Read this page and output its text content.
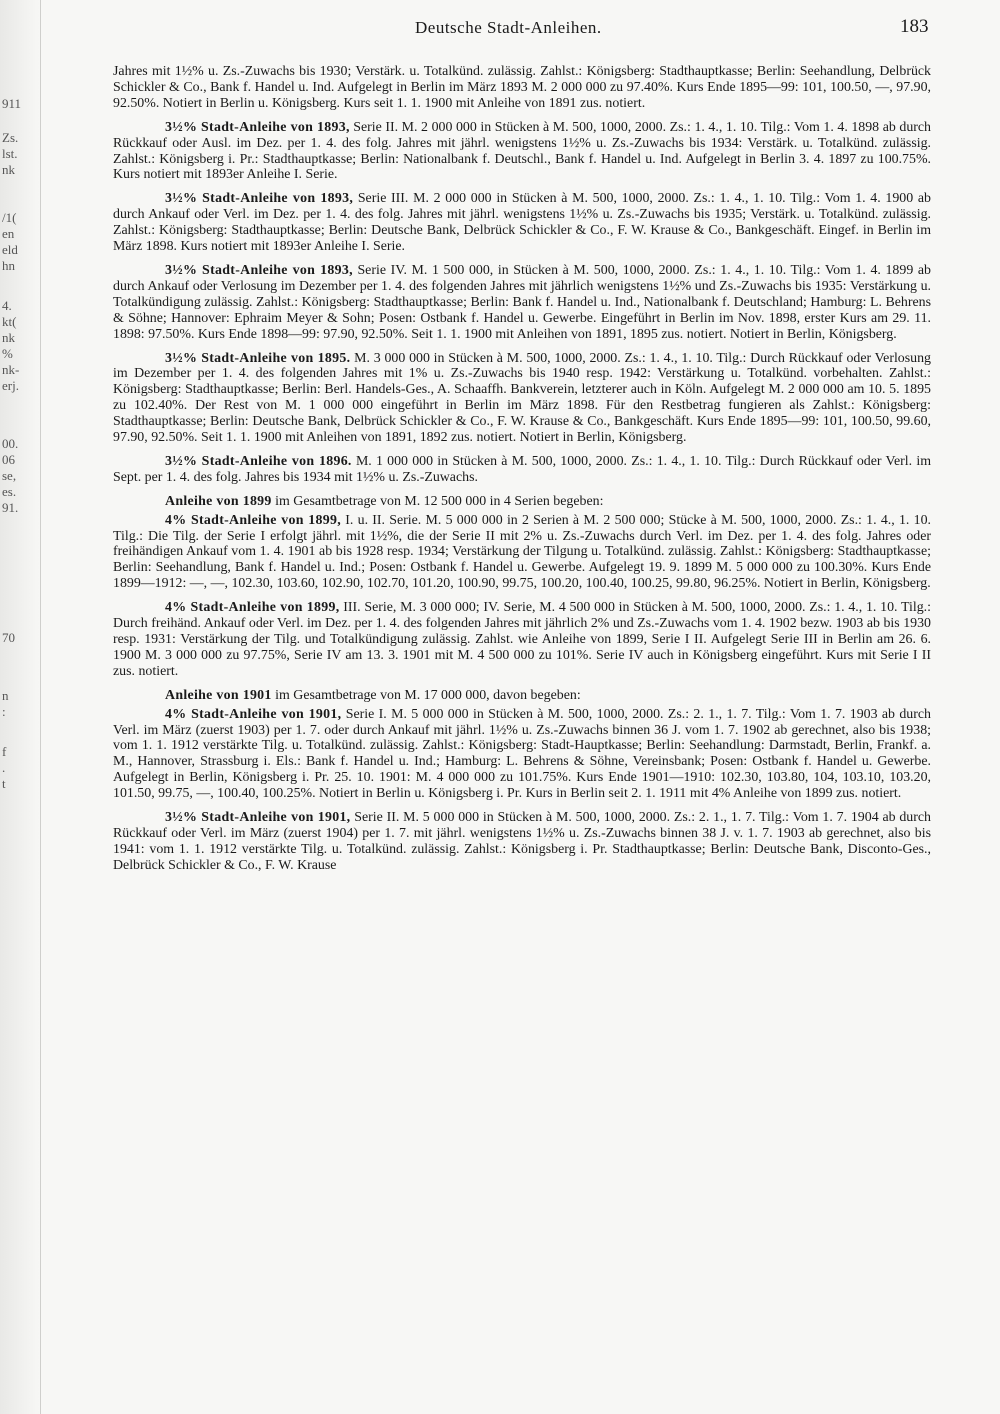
911
Zs.
lst.
nk
/1(
en
eld
hn
4.
kt(
nk
%
nk-
erj.
00.
06
se,
es.
91.
70
n
:
f
.
t
Deutsche Stadt-Anleihen.	183

Jahres mit 1½% u. Zs.-Zuwachs bis 1930; Verstärk. u. Totalkünd. zulässig. Zahlst.: Königsberg: Stadthauptkasse; Berlin: Seehandlung, Delbrück Schickler & Co., Bank f. Handel u. Ind. Aufgelegt in Berlin im März 1893 M. 2 000 000 zu 97.40%. Kurs Ende 1895—99: 101, 100.50, —, 97.90, 92.50%. Notiert in Berlin u. Königsberg. Kurs seit 1. 1. 1900 mit Anleihe von 1891 zus. notiert.

3½% Stadt-Anleihe von 1893, Serie II. M. 2 000 000 in Stücken à M. 500, 1000, 2000. Zs.: 1. 4., 1. 10. Tilg.: Vom 1. 4. 1898 ab durch Rückkauf oder Ausl. im Dez. per 1. 4. des folg. Jahres mit jährl. wenigstens 1½% u. Zs.-Zuwachs bis 1934: Verstärk. u. Totalkünd. zulässig. Zahlst.: Königsberg i. Pr.: Stadthauptkasse; Berlin: Nationalbank f. Deutschl., Bank f. Handel u. Ind. Aufgelegt in Berlin 3. 4. 1897 zu 100.75%. Kurs notiert mit 1893er Anleihe I. Serie.

3½% Stadt-Anleihe von 1893, Serie III. M. 2 000 000 in Stücken à M. 500, 1000, 2000. Zs.: 1. 4., 1. 10. Tilg.: Vom 1. 4. 1900 ab durch Ankauf oder Verl. im Dez. per 1. 4. des folg. Jahres mit jährl. wenigstens 1½% u. Zs.-Zuwachs bis 1935; Verstärk. u. Totalkünd. zulässig. Zahlst.: Königsberg: Stadthauptkasse; Berlin: Deutsche Bank, Delbrück Schickler & Co., F. W. Krause & Co., Bankgeschäft. Eingef. in Berlin im März 1898. Kurs notiert mit 1893er Anleihe I. Serie.

3½% Stadt-Anleihe von 1893, Serie IV. M. 1 500 000, in Stücken à M. 500, 1000, 2000. Zs.: 1. 4., 1. 10. Tilg.: Vom 1. 4. 1899 ab durch Ankauf oder Verlosung im Dezember per 1. 4. des folgenden Jahres mit jährlich wenigstens 1½% und Zs.-Zuwachs bis 1935: Verstärkung u. Totalkündigung zulässig. Zahlst.: Königsberg: Stadthauptkasse; Berlin: Bank f. Handel u. Ind., Nationalbank f. Deutschland; Hamburg: L. Behrens & Söhne; Hannover: Ephraim Meyer & Sohn; Posen: Ostbank f. Handel u. Gewerbe. Eingeführt in Berlin im Nov. 1898, erster Kurs am 29. 11. 1898: 97.50%. Kurs Ende 1898—99: 97.90, 92.50%. Seit 1. 1. 1900 mit Anleihen von 1891, 1895 zus. notiert. Notiert in Berlin, Königsberg.

3½% Stadt-Anleihe von 1895. M. 3 000 000 in Stücken à M. 500, 1000, 2000. Zs.: 1. 4., 1. 10. Tilg.: Durch Rückkauf oder Verlosung im Dezember per 1. 4. des folgenden Jahres mit 1% u. Zs.-Zuwachs bis 1940 resp. 1942: Verstärkung u. Totalkünd. vorbehalten. Zahlst.: Königsberg: Stadthauptkasse; Berlin: Berl. Handels-Ges., A. Schaaffh. Bankverein, letzterer auch in Köln. Aufgelegt M. 2 000 000 am 10. 5. 1895 zu 102.40%. Der Rest von M. 1 000 000 eingeführt in Berlin im März 1898. Für den Restbetrag fungieren als Zahlst.: Königsberg: Stadthauptkasse; Berlin: Deutsche Bank, Delbrück Schickler & Co., F. W. Krause & Co., Bankgeschäft. Kurs Ende 1895—99: 101, 100.50, 99.60, 97.90, 92.50%. Seit 1. 1. 1900 mit Anleihen von 1891, 1892 zus. notiert. Notiert in Berlin, Königsberg.

3½% Stadt-Anleihe von 1896. M. 1 000 000 in Stücken à M. 500, 1000, 2000. Zs.: 1. 4., 1. 10. Tilg.: Durch Rückkauf oder Verl. im Sept. per 1. 4. des folg. Jahres bis 1934 mit 1½% u. Zs.-Zuwachs.

Anleihe von 1899 im Gesamtbetrage von M. 12 500 000 in 4 Serien begeben:

4% Stadt-Anleihe von 1899, I. u. II. Serie. M. 5 000 000 in 2 Serien à M. 2 500 000; Stücke à M. 500, 1000, 2000. Zs.: 1. 4., 1. 10. Tilg.: Die Tilg. der Serie I erfolgt jährl. mit 1½%, die der Serie II mit 2% u. Zs.-Zuwachs durch Verl. im Dez. per 1. 4. des folg. Jahres oder freihändigen Ankauf vom 1. 4. 1901 ab bis 1928 resp. 1934; Verstärkung der Tilgung u. Totalkünd. zulässig. Zahlst.: Königsberg: Stadthauptkasse; Berlin: Seehandlung, Bank f. Handel u. Ind.; Posen: Ostbank f. Handel u. Gewerbe. Aufgelegt 19. 9. 1899 M. 5 000 000 zu 100.30%. Kurs Ende 1899—1912: —, —, 102.30, 103.60, 102.90, 102.70, 101.20, 100.90, 99.75, 100.20, 100.40, 100.25, 99.80, 96.25%. Notiert in Berlin, Königsberg.

4% Stadt-Anleihe von 1899, III. Serie, M. 3 000 000; IV. Serie, M. 4 500 000 in Stücken à M. 500, 1000, 2000. Zs.: 1. 4., 1. 10. Tilg.: Durch freihänd. Ankauf oder Verl. im Dez. per 1. 4. des folgenden Jahres mit jährlich 2% und Zs.-Zuwachs vom 1. 4. 1902 bezw. 1903 ab bis 1930 resp. 1931: Verstärkung der Tilg. und Totalkündigung zulässig. Zahlst. wie Anleihe von 1899, Serie I II. Aufgelegt Serie III in Berlin am 26. 6. 1900 M. 3 000 000 zu 97.75%, Serie IV am 13. 3. 1901 mit M. 4 500 000 zu 101%. Serie IV auch in Königsberg eingeführt. Kurs mit Serie I II zus. notiert.

Anleihe von 1901 im Gesamtbetrage von M. 17 000 000, davon begeben:

4% Stadt-Anleihe von 1901, Serie I. M. 5 000 000 in Stücken à M. 500, 1000, 2000. Zs.: 2. 1., 1. 7. Tilg.: Vom 1. 7. 1903 ab durch Verl. im März (zuerst 1903) per 1. 7. oder durch Ankauf mit jährl. 1½% u. Zs.-Zuwachs binnen 36 J. vom 1. 7. 1902 ab gerechnet, also bis 1938; vom 1. 1. 1912 verstärkte Tilg. u. Totalkünd. zulässig. Zahlst.: Königsberg: Stadt-Hauptkasse; Berlin: Seehandlung: Darmstadt, Berlin, Frankf. a. M., Hannover, Strassburg i. Els.: Bank f. Handel u. Ind.; Hamburg: L. Behrens & Söhne, Vereinsbank; Posen: Ostbank f. Handel u. Gewerbe. Aufgelegt in Berlin, Königsberg i. Pr. 25. 10. 1901: M. 4 000 000 zu 101.75%. Kurs Ende 1901—1910: 102.30, 103.80, 104, 103.10, 103.20, 101.50, 99.75, —, 100.40, 100.25%. Notiert in Berlin u. Königsberg i. Pr. Kurs in Berlin seit 2. 1. 1911 mit 4% Anleihe von 1899 zus. notiert.

3½% Stadt-Anleihe von 1901, Serie II. M. 5 000 000 in Stücken à M. 500, 1000, 2000. Zs.: 2. 1., 1. 7. Tilg.: Vom 1. 7. 1904 ab durch Rückkauf oder Verl. im März (zuerst 1904) per 1. 7. mit jährl. wenigstens 1½% u. Zs.-Zuwachs binnen 38 J. v. 1. 7. 1903 ab gerechnet, also bis 1941: vom 1. 1. 1912 verstärkte Tilg. u. Totalkünd. zulässig. Zahlst.: Königsberg i. Pr. Stadthauptkasse; Berlin: Deutsche Bank, Disconto-Ges., Delbrück Schickler & Co., F. W. Krause
